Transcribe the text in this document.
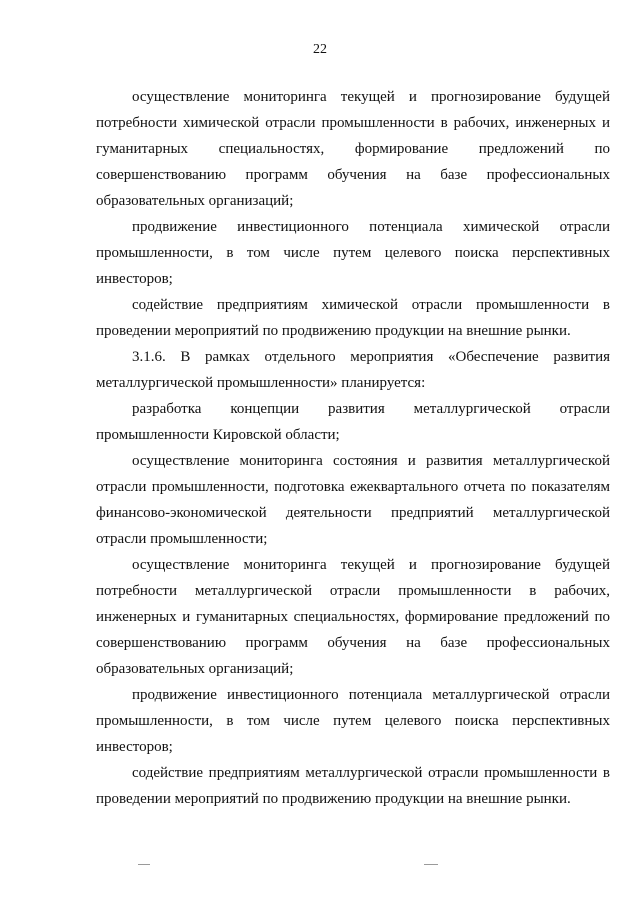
22

осуществление мониторинга текущей и прогнозирование будущей потребности химической отрасли промышленности в рабочих, инженерных и гуманитарных специальностях, формирование предложений по совершенствованию программ обучения на базе профессиональных образовательных организаций;

продвижение инвестиционного потенциала химической отрасли промышленности, в том числе путем целевого поиска перспективных инвесторов;

содействие предприятиям химической отрасли промышленности в проведении мероприятий по продвижению продукции на внешние рынки.

3.1.6. В рамках отдельного мероприятия «Обеспечение развития металлургической промышленности» планируется:

разработка концепции развития металлургической отрасли промышленности Кировской области;

осуществление мониторинга состояния и развития металлургической отрасли промышленности, подготовка ежеквартального отчета по показателям финансово-экономической деятельности предприятий металлургической отрасли промышленности;

осуществление мониторинга текущей и прогнозирование будущей потребности металлургической отрасли промышленности в рабочих, инженерных и гуманитарных специальностях, формирование предложений по совершенствованию программ обучения на базе профессиональных образовательных организаций;

продвижение инвестиционного потенциала металлургической отрасли промышленности, в том числе путем целевого поиска перспективных инвесторов;

содействие предприятиям металлургической отрасли промышленности в проведении мероприятий по продвижению продукции на внешние рынки.
